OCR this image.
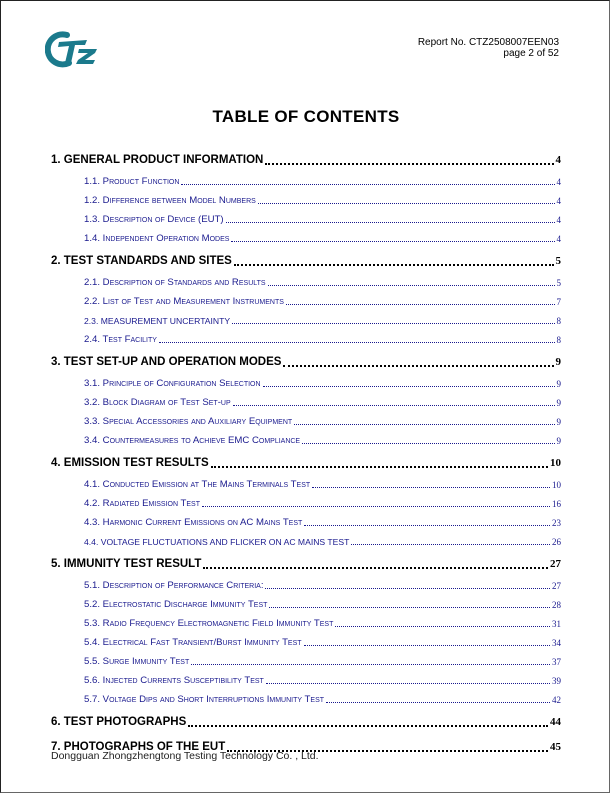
Report No. CTZ2508007EEN03
page 2 of 52
TABLE OF CONTENTS
1. GENERAL PRODUCT INFORMATION	4
1.1. Product Function	4
1.2. Difference between Model Numbers	4
1.3. Description of Device (EUT)	4
1.4. Independent Operation Modes	4
2. TEST STANDARDS AND SITES	5
2.1. Description of Standards and Results	5
2.2. List of Test and Measurement Instruments	7
2.3. MEASUREMENT UNCERTAINTY	8
2.4. Test Facility	8
3. TEST SET-UP AND OPERATION MODES	9
3.1. Principle of Configuration Selection	9
3.2. Block Diagram of Test Set-up	9
3.3. Special Accessories and Auxiliary Equipment	9
3.4. Countermeasures to Achieve EMC Compliance	9
4. EMISSION TEST RESULTS	10
4.1. Conducted Emission at The Mains Terminals Test	10
4.2. Radiated Emission Test	16
4.3. Harmonic Current Emissions on AC Mains Test	23
4.4. VOLTAGE FLUCTUATIONS AND FLICKER ON AC MAINS TEST	26
5. IMMUNITY TEST RESULT	27
5.1. Description of Performance Criteria:	27
5.2. Electrostatic Discharge Immunity Test	28
5.3. Radio Frequency Electromagnetic Field Immunity Test	31
5.4. Electrical Fast Transient/Burst Immunity Test	34
5.5. Surge Immunity Test	37
5.6. Injected Currents Susceptibility Test	39
5.7. Voltage Dips and Short Interruptions Immunity Test	42
6. TEST PHOTOGRAPHS	44
7. PHOTOGRAPHS OF THE EUT	45
Dongguan Zhongzhengtong Testing Technology Co. , Ltd.
